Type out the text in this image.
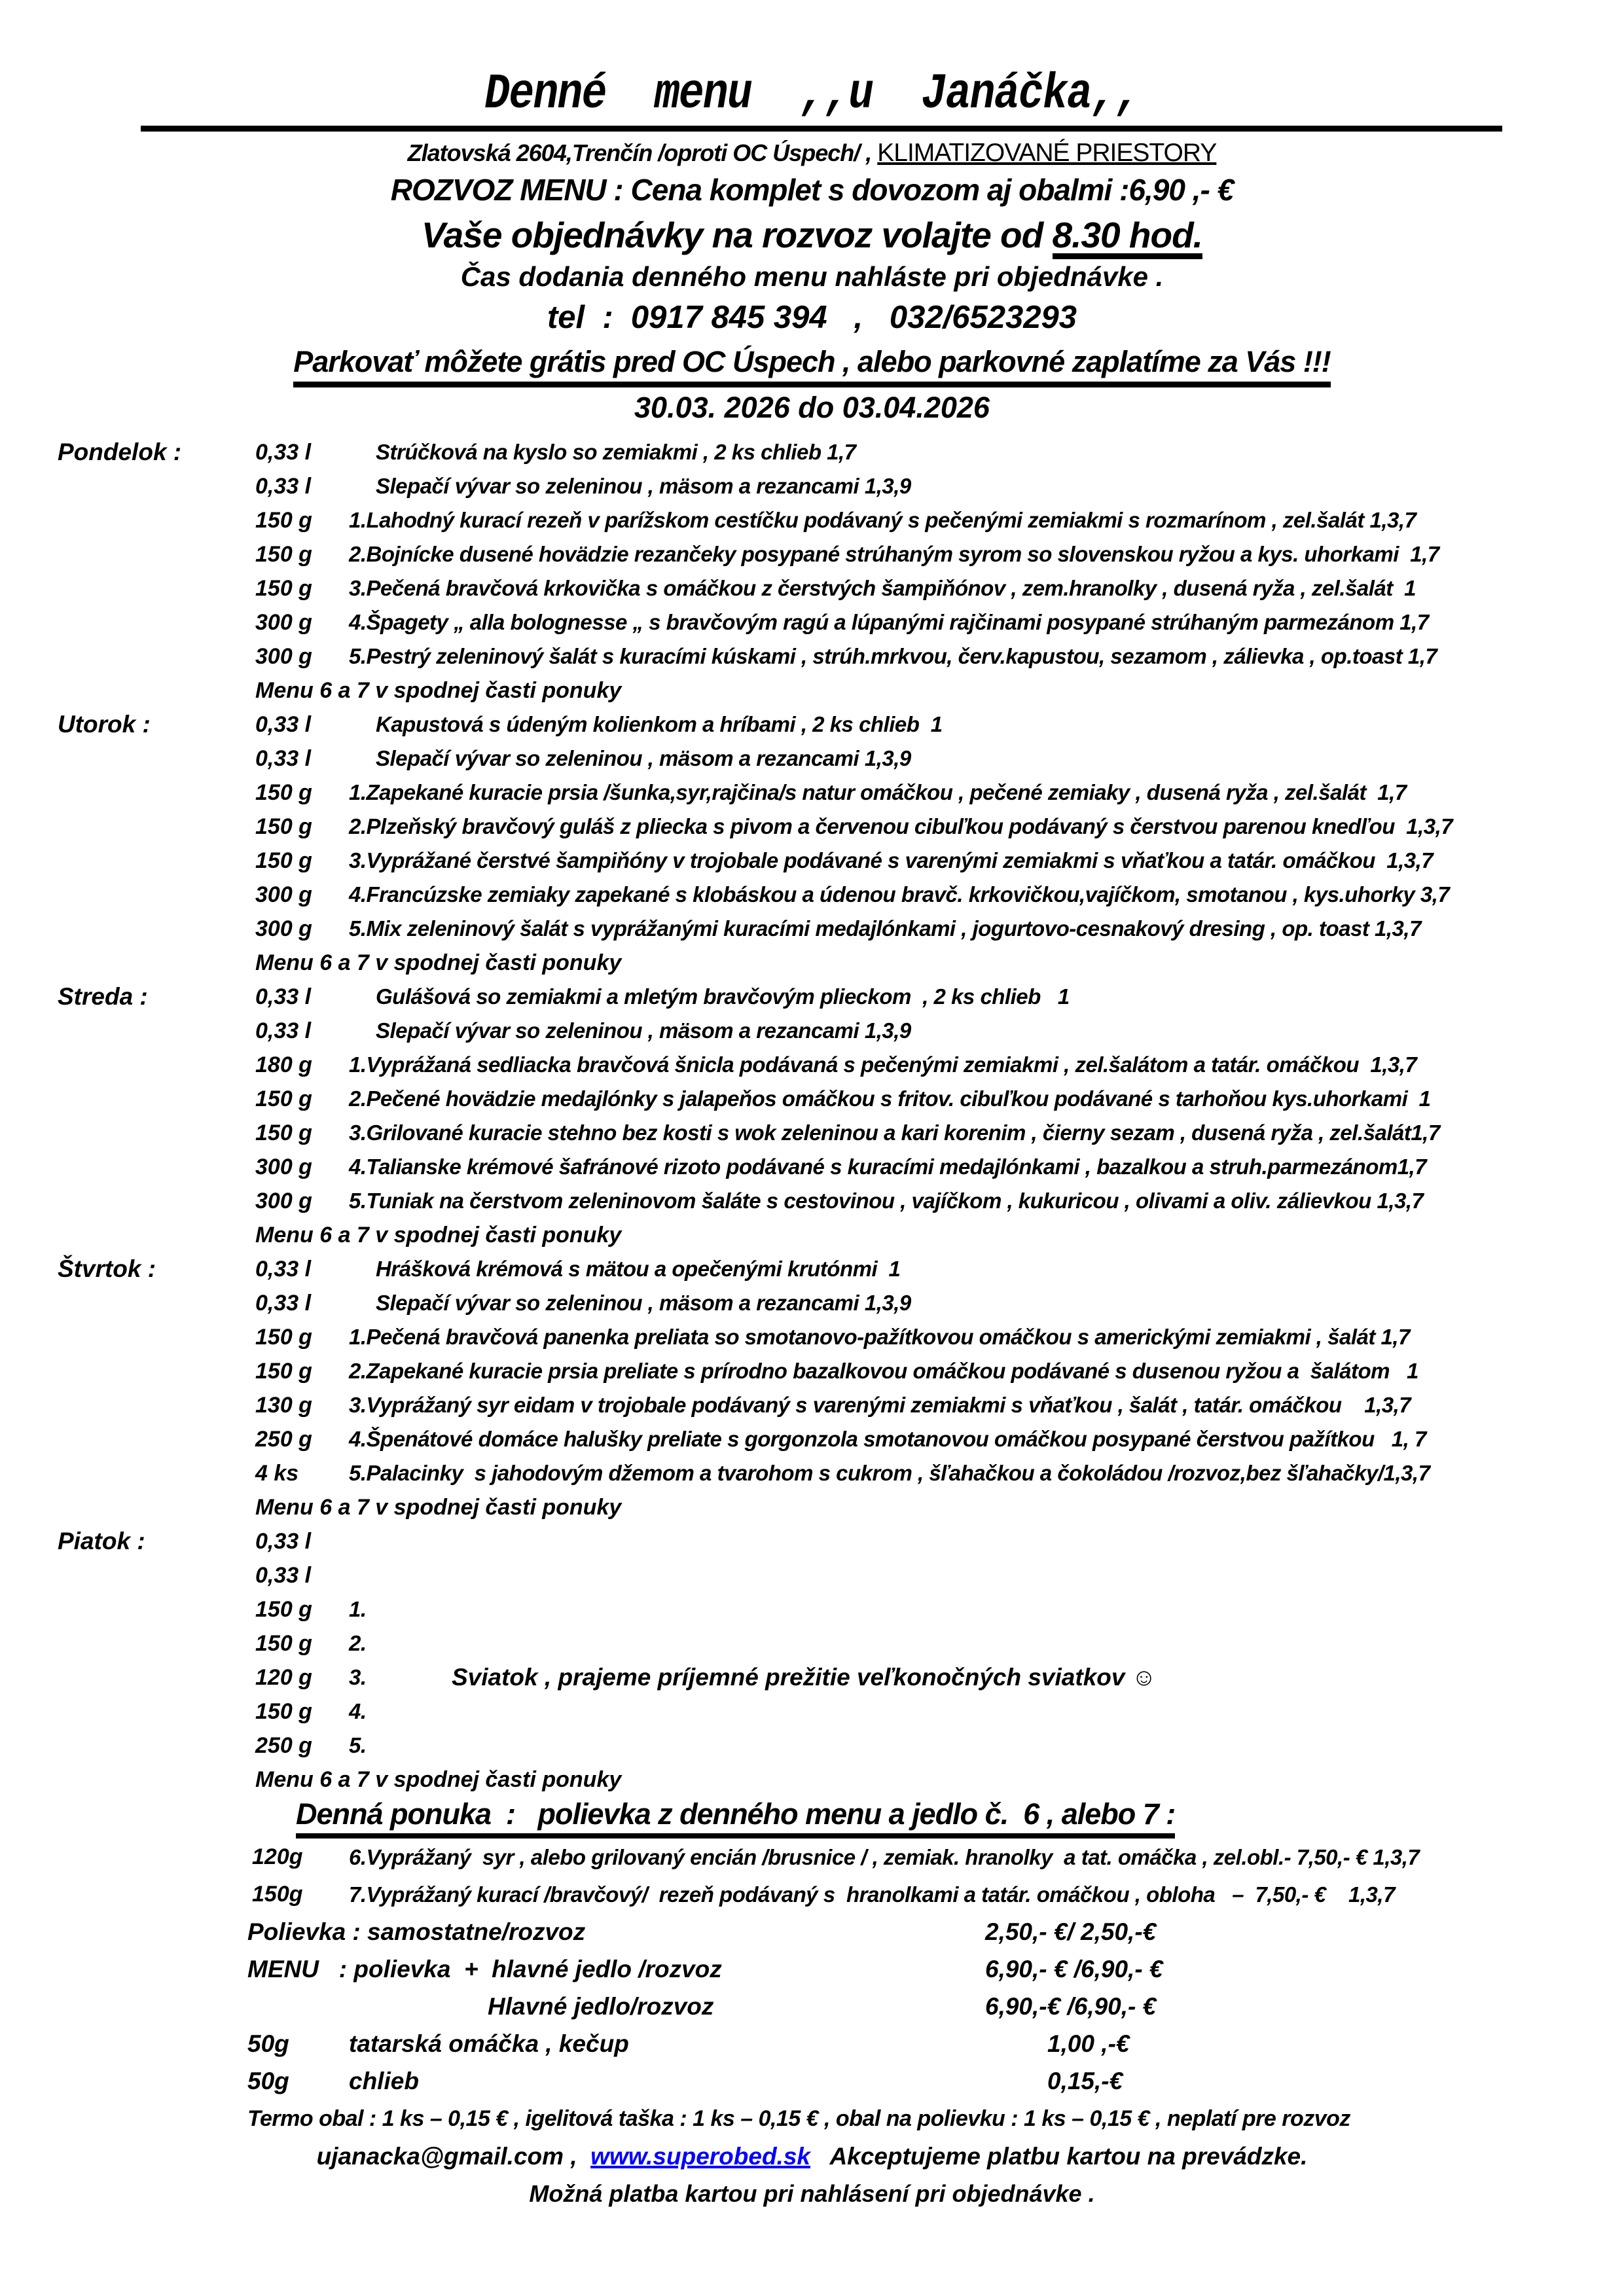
Denné  menu  ,,u  Janáčka,,
Zlatovská 2604,Trenčín /oproti OC Úspech/ , KLIMATIZOVANÉ PRIESTORY
ROZVOZ MENU : Cena komplet s dovozom aj obalmi :6,90 ,- €
Vaše objednávky na rozvoz volajte od 8.30 hod.
Čas dodania denného menu nahláste pri objednávke .
tel  :  0917 845 394   ,   032/6523293
Parkovať môžete grátis pred OC Úspech , alebo parkovné zaplatíme za Vás !!!
30.03. 2026 do 03.04.2026
Pondelok :	0,33 l	Strúčková na kyslo so zemiakmi , 2 ks chlieb 1,7
0,33 l	Slepačí vývar so zeleninou , mäsom a rezancami 1,3,9
150 g 1.Lahodný kurací rezeň v parížskom cestíčku podávaný s pečenými zemiakmi s rozmarínom , zel.šalát 1,3,7
150 g 2.Bojnícke dusené hovädzie rezančeky posypané strúhaným syrom so slovenskou ryžou a kys. uhorkami  1,7
150 g 3.Pečená bravčová krkovička s omáčkou z čerstvých šampiňónov , zem.hranolky , dusená ryža , zel.šalát  1
300 g 4.Špagety „ alla bolognesse „ s bravčovým ragú a lúpanými rajčinami posypané strúhaným parmezánom 1,7
300 g 5.Pestrý zeleninový šalát s kuracími kúskami , strúh.mrkvou, červ.kapustou, sezamom , zálievka , op.toast 1,7
Menu 6 a 7 v spodnej časti ponuky
Utorok :	0,33 l	Kapustová s údeným kolienkom a hríbami , 2 ks chlieb  1
0,33 l	Slepačí vývar so zeleninou , mäsom a rezancami 1,3,9
150 g 1.Zapekané kuracie prsia /šunka,syr,rajčina/s natur omáčkou , pečené zemiaky , dusená ryža , zel.šalát  1,7
150 g 2.Plzeňský bravčový guláš z pliecka s pivom a červenou cibuľkou podávaný s čerstvou parenou knedľou  1,3,7
150 g 3.Vyprážané čerstvé šampiňóny v trojobale podávané s varenými zemiakmi s vňaťkou a tatár. omáčkou  1,3,7
300 g 4.Francúzske zemiaky zapekané s klobáskou a údenou bravč. krkovičkou,vajíčkom, smotanou , kys.uhorky 3,7
300 g 5.Mix zeleninový šalát s vyprážanými kuracími medajlónkami , jogurtovo-cesnakový dresing , op. toast 1,3,7
Menu 6 a 7 v spodnej časti ponuky
Streda :	0,33 l	Gulášová so zemiakmi a mletým bravčovým plieckom  , 2 ks chlieb   1
0,33 l	Slepačí vývar so zeleninou , mäsom a rezancami 1,3,9
180 g 1.Vyprážaná sedliacka bravčová šnicla podávaná s pečenými zemiakmi , zel.šalátom a tatár. omáčkou  1,3,7
150 g 2.Pečené hovädzie medajlónky s jalapeňos omáčkou s fritov. cibuľkou podávané s tarhoňou kys.uhorkami  1
150 g 3.Grilované kuracie stehno bez kosti s wok zeleninou a kari korenim , čierny sezam , dusená ryža , zel.šalát1,7
300 g 4.Talianske krémové šafránové rizoto podávané s kuracími medajlónkami , bazalkou a struh.parmezánom1,7
300 g 5.Tuniak na čerstvom zeleninovom šaláte s cestovinou , vajíčkom , kukuricou , olivami a oliv. zálievkou 1,3,7
Menu 6 a 7 v spodnej časti ponuky
Štvrtok :	0,33 l	Hrášková krémová s mätou a opečenými krutónmi  1
0,33 l	Slepačí vývar so zeleninou , mäsom a rezancami 1,3,9
150 g 1.Pečená bravčová panenka preliata so smotanovo-pažítkovou omáčkou s americkými zemiakmi , šalát 1,7
150 g 2.Zapekané kuracie prsia preliate s prírodno bazalkovou omáčkou podávané s dusenou ryžou a  šalátom   1
130 g 3.Vyprážaný syr eidam v trojobale podávaný s varenými zemiakmi s vňaťkou , šalát , tatár. omáčkou    1,3,7
250 g 4.Špenátové domáce halušky preliate s gorgonzola smotanovou omáčkou posypané čerstvou pažítkou   1, 7
4 ks 5.Palacinky  s jahodovým džemom a tvarohom s cukrom , šľahačkou a čokoládou /rozvoz,bez šľahačky/1,3,7
Menu 6 a 7 v spodnej časti ponuky
Piatok :	0,33 l
0,33 l
150 g 1.
150 g 2.
120 g 3.	Sviatok , prajeme príjemné prežitie veľkonočných sviatkov ☺
150 g 4.
250 g 5.
Menu 6 a 7 v spodnej časti ponuky
Denná ponuka  :   polievka z denného menu a jedlo č.  6 , alebo 7 :
120g 6.Vyprážaný  syr , alebo grilovaný encián /brusnice / , zemiak. hranolky  a tat. omáčka , zel.obl.- 7,50,- € 1,3,7
150g 7.Vyprážaný kurací /bravčový/  rezeň podávaný s  hranolkami a tatár. omáčkou , obloha   –  7,50,- €    1,3,7
Polievka : samostatne/rozvoz	2,50,- €/ 2,50,-€
MENU   : polievka  +  hlavné jedlo /rozvoz	6,90,- € /6,90,- €
Hlavné jedlo/rozvoz	6,90,-€ /6,90,- €
50g tatarská omáčka , kečup	1,00 ,-€
50g chlieb	0,15,-€
Termo obal : 1 ks – 0,15 € , igelitová taška : 1 ks – 0,15 € , obal na polievku : 1 ks – 0,15 € , neplatí pre rozvoz
ujanacka@gmail.com ,  www.superobed.sk   Akceptujeme platbu kartou na prevádzke.
Možná platba kartou pri nahlásení pri objednávke .
